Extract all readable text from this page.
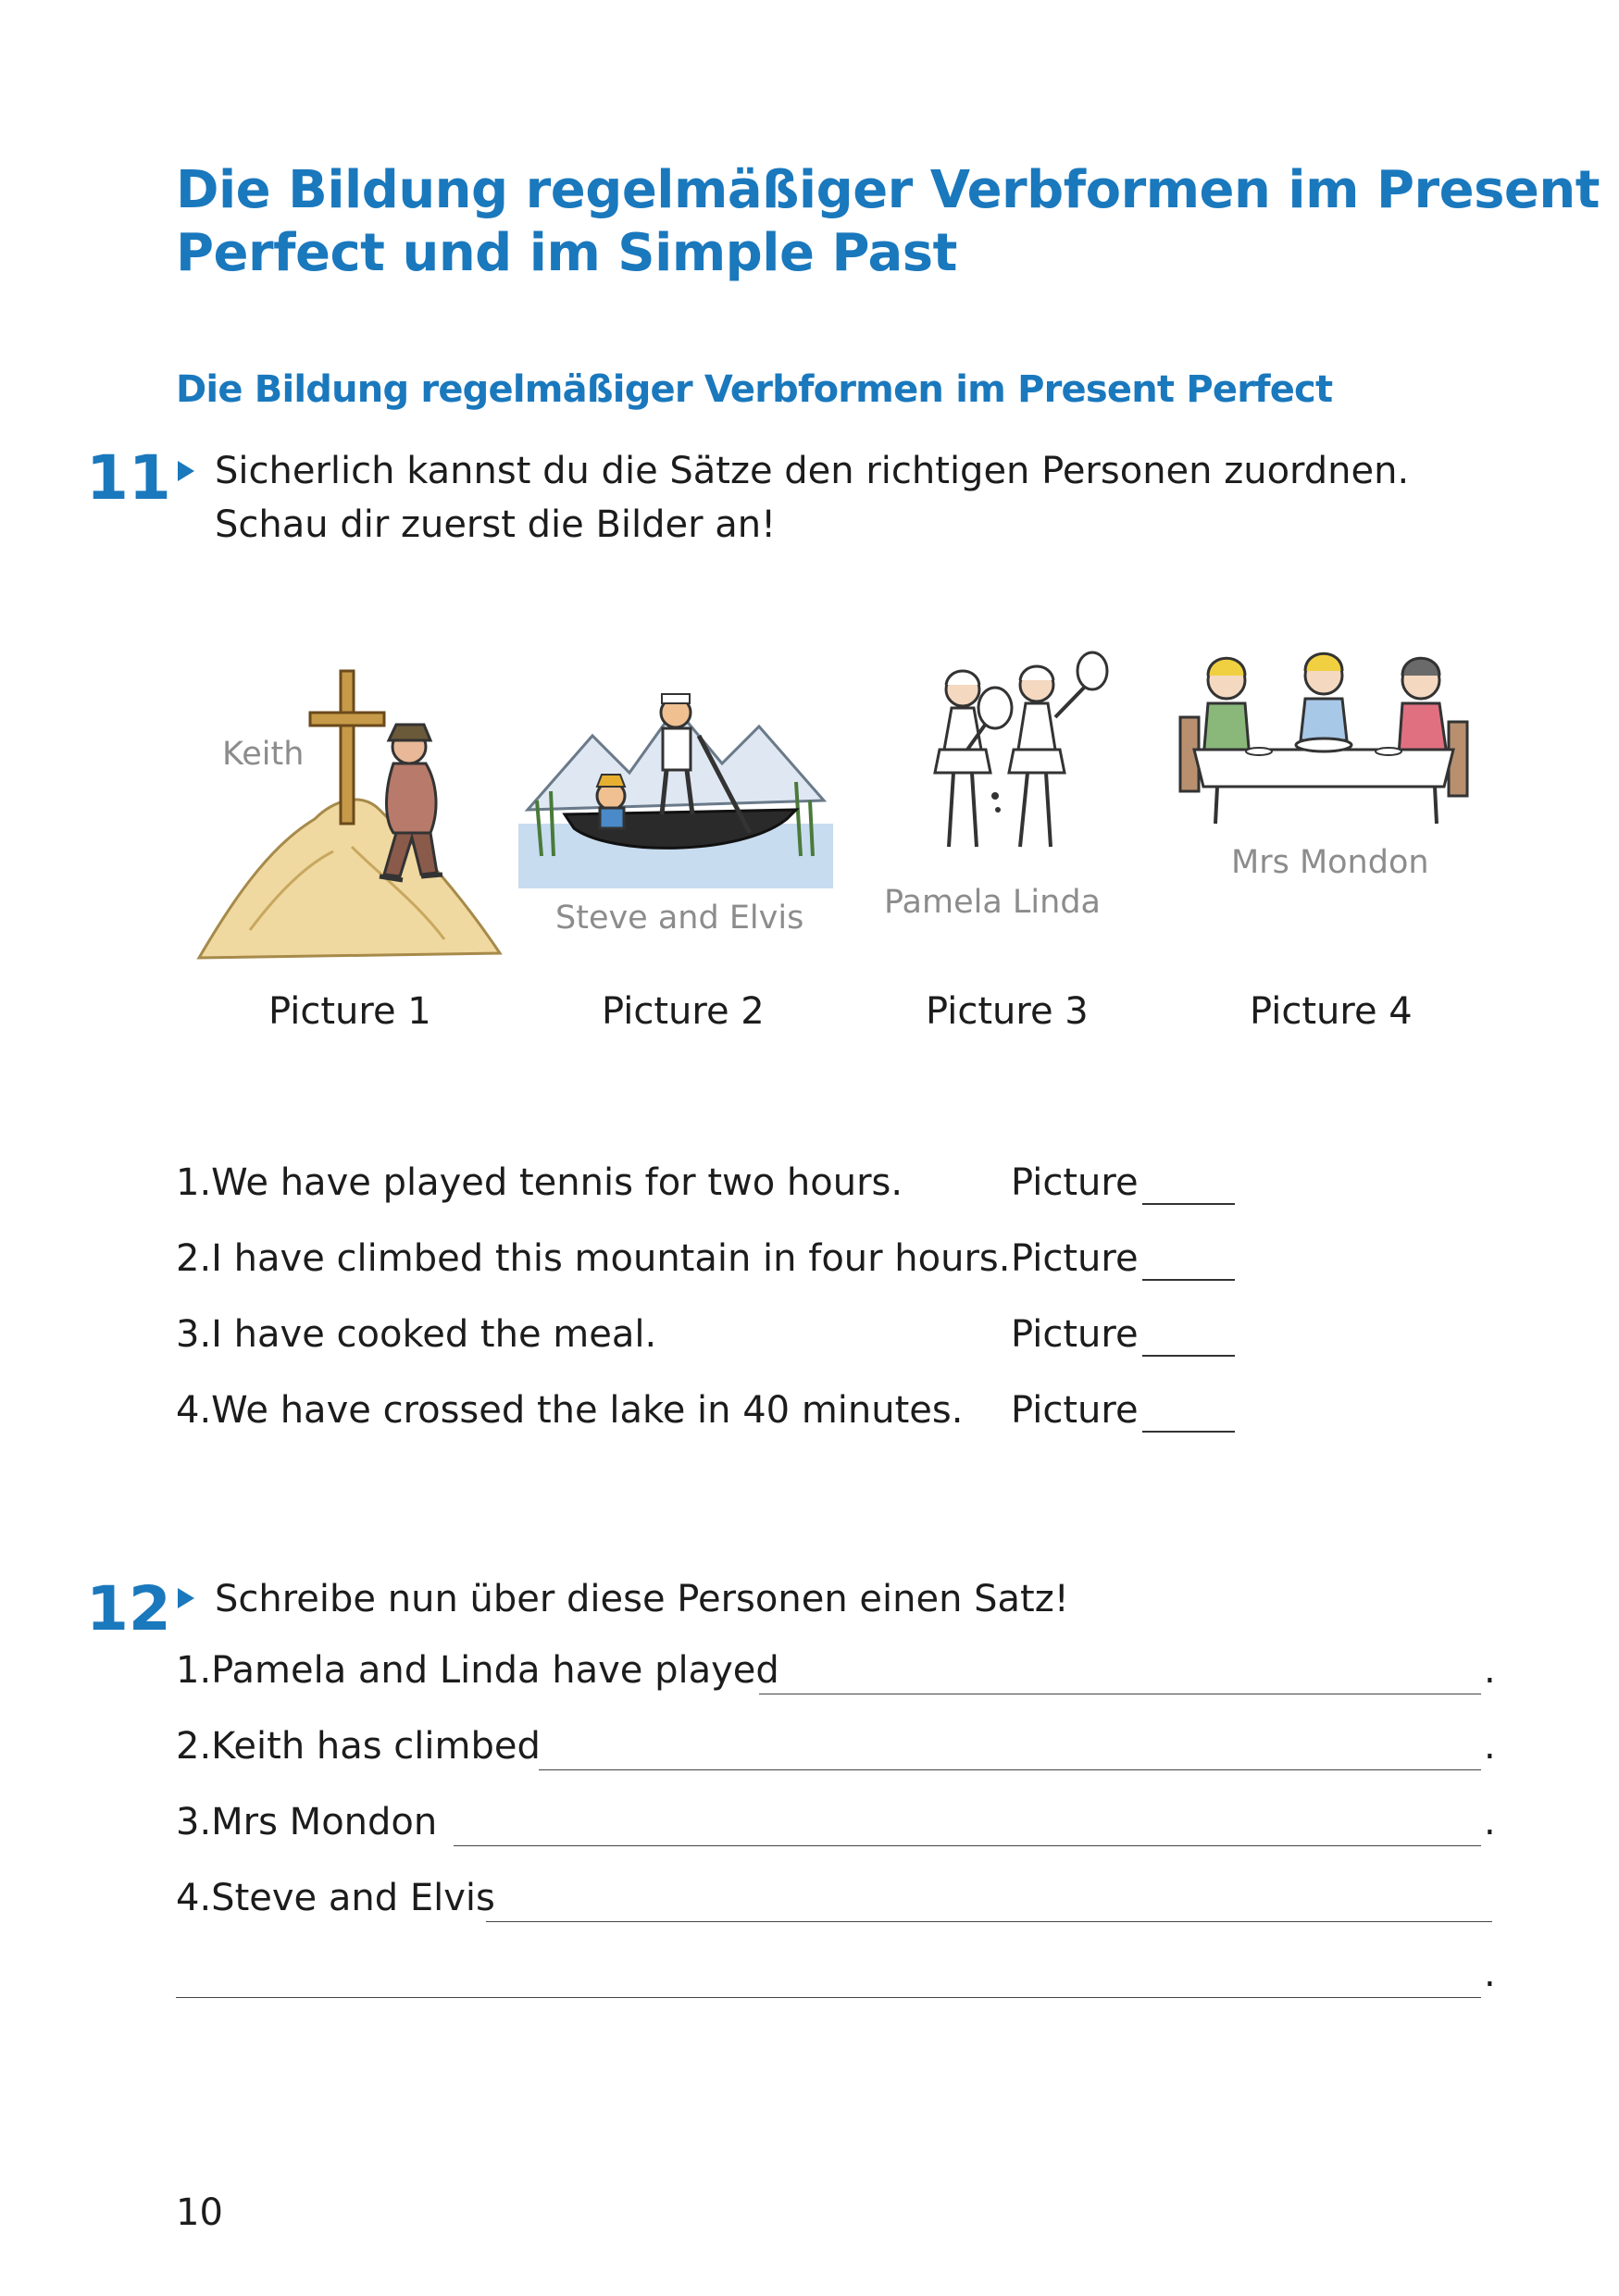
Die Bildung regelmäßiger Verbformen im Present
Perfect und im Simple Past
Die Bildung regelmäßiger Verbformen im Present Perfect
11 Sicherlich kannst du die Sätze den richtigen Personen zuordnen.
Schau dir zuerst die Bilder an!
Keith
Steve and Elvis Pamela Linda
Mrs Mondon
Picture 1	Picture 2	Picture 3	Picture 4
1.We have played tennis for two hours.	Picture
2.I have climbed this mountain in four hours. Picture
3.I have cooked the meal.	Picture
4.We have crossed the lake in 40 minutes. Picture
12 Schreibe nun über diese Personen einen Satz!
1.Pamela and Linda have played	.
2.Keith has climbed	.
3.Mrs Mondon	.
4.Steve and Elvis
.
10
